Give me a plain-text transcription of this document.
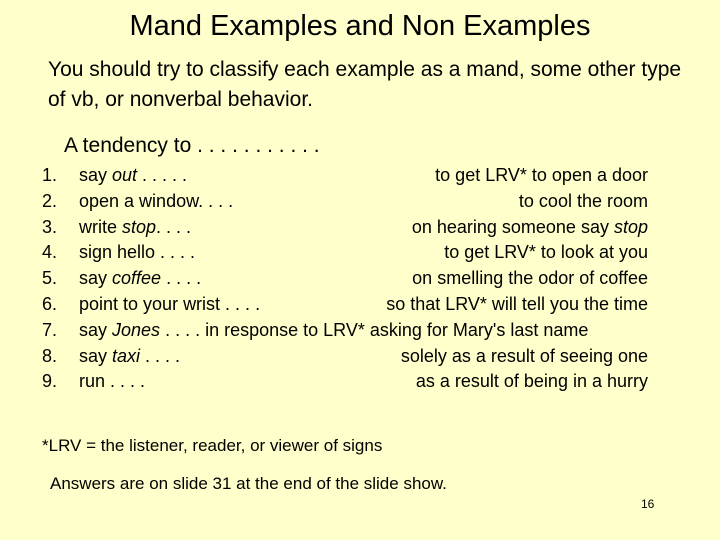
Mand Examples and Non Examples
You should try to classify each example as a mand, some other type of vb, or nonverbal behavior.
A tendency to . . . . . . . . . . .
1.	say out . . . . .	to get LRV* to open a door
2.	open a window. . . .	to cool the room
3.	write stop. . . .	on hearing someone say stop
4.	sign hello . . . .	to get LRV* to look at you
5.	say coffee . . . .	on smelling the odor of coffee
6.	point to your wrist . . . .	so that LRV* will tell you the time
7.	say Jones . . . . in response to LRV* asking for Mary's last name
8.	say taxi . . . .	solely as a result of seeing one
9.	run . . . .	as a result of being in a hurry
*LRV = the listener, reader, or viewer of signs
Answers are on slide 31 at the end of the slide show.
16
